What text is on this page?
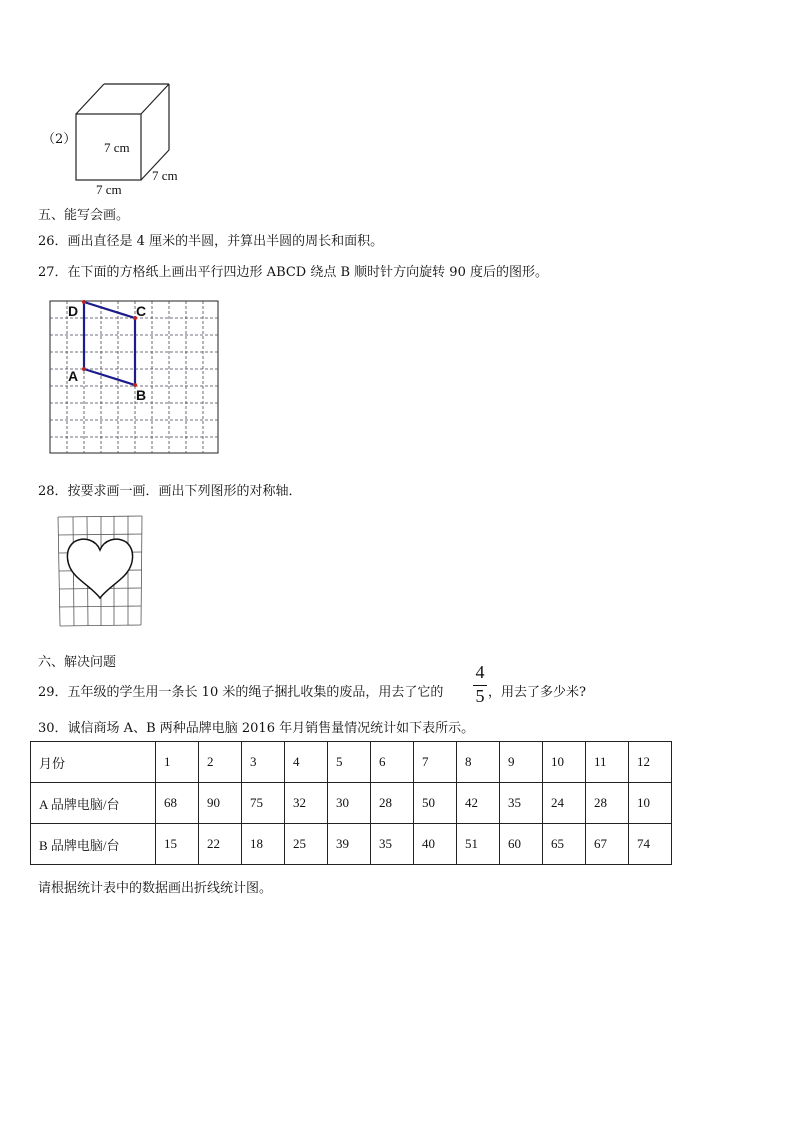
（2）
7 cm
7 cm
7 cm
五、能写会画。
26．画出直径是 4 厘米的半圆，并算出半圆的周长和面积。
27．在下面的方格纸上画出平行四边形 ABCD 绕点 B 顺时针方向旋转 90 度后的图形。
D	C
A
B
28．按要求画一画．画出下列图形的对称轴．
六、解决问题
29．五年级的学生用一条长 10 米的绳子捆扎收集的废品，用去了它的
4
5 ，用去了多少米?
30．诚信商场 A、B 两种品牌电脑 2016 年月销售量情况统计如下表所示。
月份	1	2	3	4	5	6	7	8	9	10	11	12
A 品牌电脑/台	68	90	75	32	30	28	50	42	35	24	28	10
B 品牌电脑/台	15	22	18	25	39	35	40	51	60	65	67	74
请根据统计表中的数据画出折线统计图。
